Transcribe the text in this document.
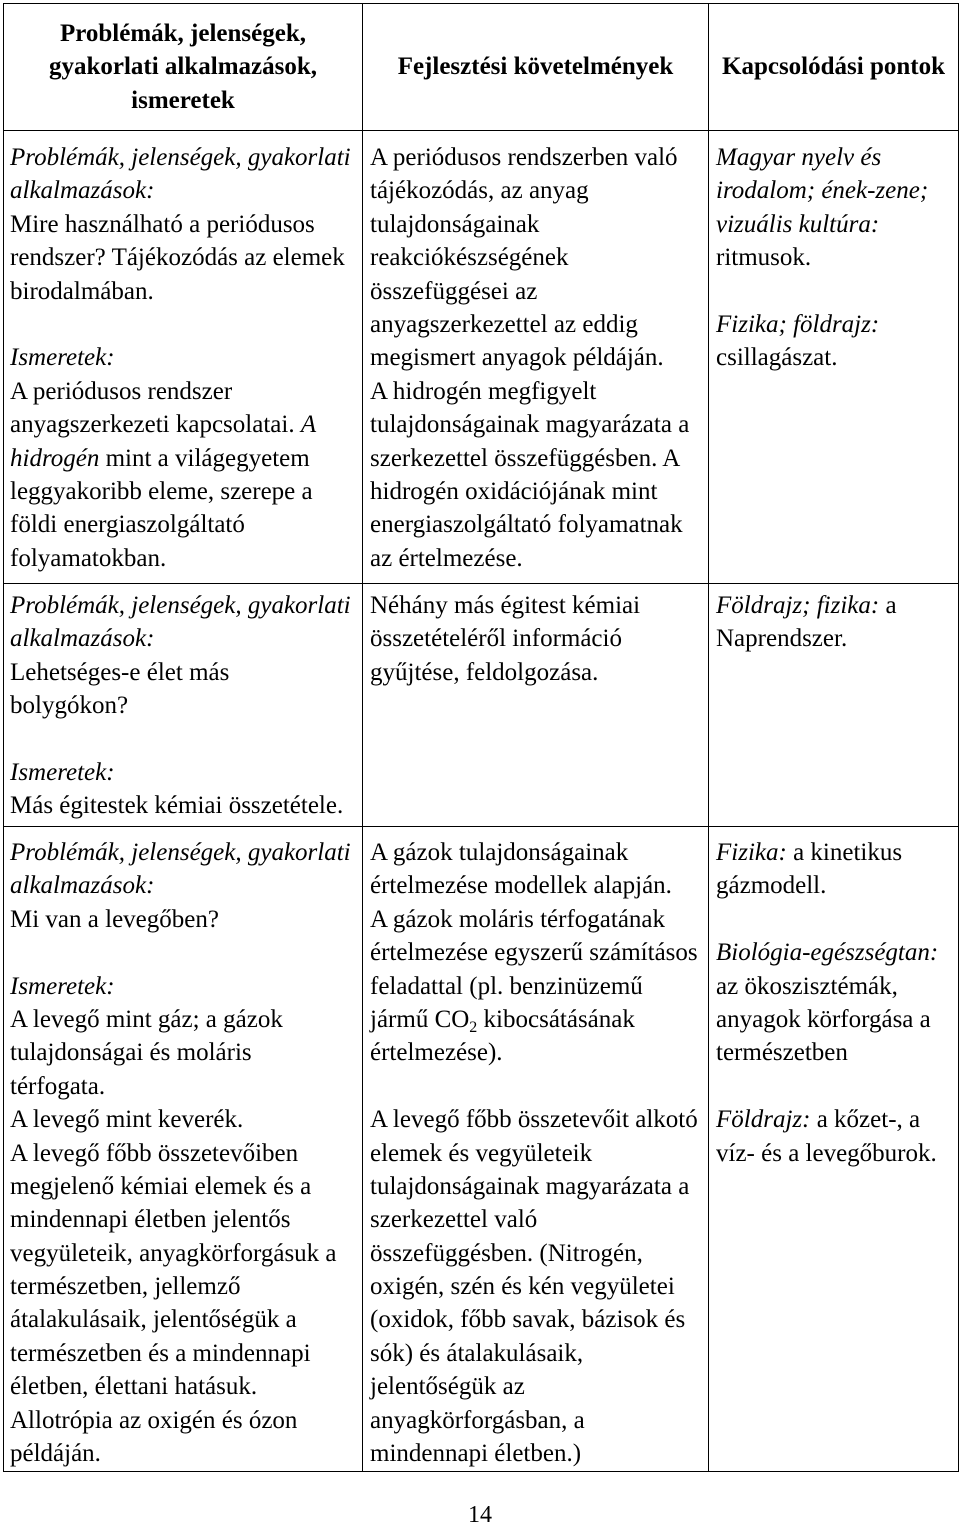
Problémák, jelenségek,
gyakorlati alkalmazások,
ismeretek
Fejlesztési követelmények Kapcsolódási pontok
Problémák, jelenségek, gyakorlati
alkalmazások:
Mire használható a periódusos
rendszer? Tájékozódás az elemek
birodalmában.
Ismeretek:
A periódusos rendszer
anyagszerkezeti kapcsolatai. A
hidrogén mint a világegyetem
leggyakoribb eleme, szerepe a
földi energiaszolgáltató
folyamatokban.
A periódusos rendszerben való
tájékozódás, az anyag
tulajdonságainak
reakciókészségének
összefüggései az
anyagszerkezettel az eddig
megismert anyagok példáján.
A hidrogén megfigyelt
tulajdonságainak magyarázata a
szerkezettel összefüggésben. A
hidrogén oxidációjának mint
energiaszolgáltató folyamatnak
az értelmezése.
Magyar nyelv és
irodalom; ének-zene;
vizuális kultúra:
ritmusok.
Fizika; földrajz:
csillagászat.
Problémák, jelenségek, gyakorlati
alkalmazások:
Lehetséges-e élet más
bolygókon?
Ismeretek:
Más égitestek kémiai összetétele.
Néhány más égitest kémiai
összetételéről információ
gyűjtése, feldolgozása.
Földrajz; fizika: a
Naprendszer.
Problémák, jelenségek, gyakorlati
alkalmazások:
Mi van a levegőben?
Ismeretek:
A levegő mint gáz; a gázok
tulajdonságai és moláris
térfogata.
A levegő mint keverék.
A levegő főbb összetevőiben
megjelenő kémiai elemek és a
mindennapi életben jelentős
vegyületeik, anyagkörforgásuk a
természetben, jellemző
átalakulásaik, jelentőségük a
természetben és a mindennapi
életben, élettani hatásuk.
Allotrópia az oxigén és ózon
példáján.
A gázok tulajdonságainak
értelmezése modellek alapján.
A gázok moláris térfogatának
értelmezése egyszerű számításos
feladattal (pl. benzinüzemű
jármű $CO_2$ kibocsátásának
értelmezése).
A levegő főbb összetevőit alkotó
elemek és vegyületeik
tulajdonságainak magyarázata a
szerkezettel való
összefüggésben. (Nitrogén,
oxigén, szén és kén vegyületei
(oxidok, főbb savak, bázisok és
sók) és átalakulásaik,
jelentőségük az
anyagkörforgásban, a
mindennapi életben.)
Fizika: a kinetikus
gázmodell.
Biológia-egészségtan:
az ökoszisztémák,
anyagok körforgása a
természetben
Földrajz: a kőzet-, a
víz- és a levegőburok.
14
